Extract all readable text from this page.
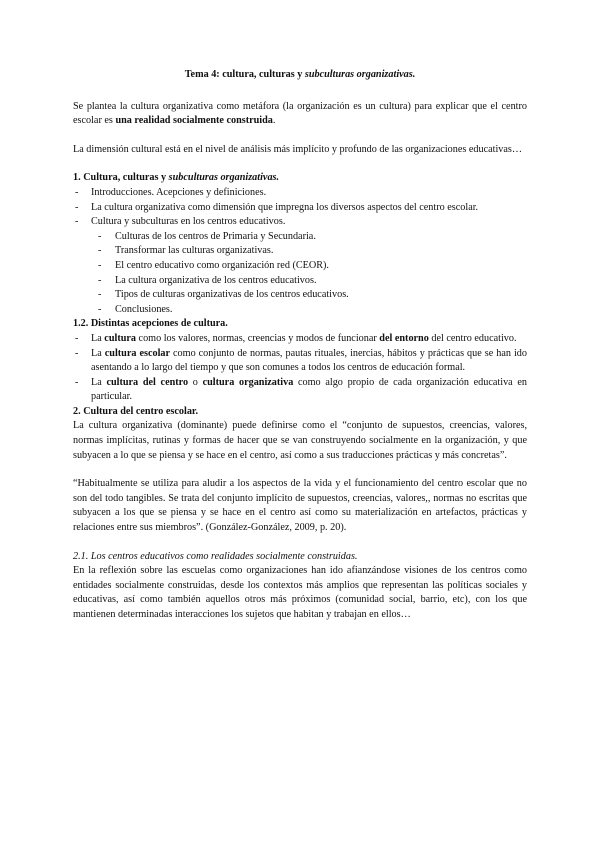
Tema 4: cultura, culturas y subculturas organizativas.

Se plantea la cultura organizativa como metáfora (la organización es un cultura) para explicar que el centro escolar es una realidad socialmente construida.

La dimensión cultural está en el nivel de análisis más implícito y profundo de las organizaciones educativas…

1. Cultura, culturas y subculturas organizativas.
- Introducciones. Acepciones y definiciones.
- La cultura organizativa como dimensión que impregna los diversos aspectos del centro escolar.
- Cultura y subculturas en los centros educativos.
- Culturas de los centros de Primaria y Secundaria.
- Transformar las culturas organizativas.
- El centro educativo como organización red (CEOR).
- La cultura organizativa de los centros educativos.
- Tipos de culturas organizativas de los centros educativos.
- Conclusiones.
1.2. Distintas acepciones de cultura.
- La cultura como los valores, normas, creencias y modos de funcionar del entorno del centro educativo.
- La cultura escolar como conjunto de normas, pautas rituales, inercias, hábitos y prácticas que se han ido asentando a lo largo del tiempo y que son comunes a todos los centros de educación formal.
- La cultura del centro o cultura organizativa como algo propio de cada organización educativa en particular.
2. Cultura del centro escolar.

La cultura organizativa (dominante) puede definirse como el “conjunto de supuestos, creencias, valores, normas implícitas, rutinas y formas de hacer que se van construyendo socialmente en la organización, y que subyacen a lo que se piensa y se hace en el centro, así como a sus traducciones prácticas y más concretas”.

“Habitualmente se utiliza para aludir a los aspectos de la vida y el funcionamiento del centro escolar que no son del todo tangibles. Se trata del conjunto implícito de supuestos, creencias, valores,, normas no escritas que subyacen a los que se piensa y se hace en el centro así como su materialización en artefactos, prácticas y relaciones entre sus miembros”. (González-González, 2009, p. 20).

2.1. Los centros educativos como realidades socialmente construidas.

En la reflexión sobre las escuelas como organizaciones han ido afianzándose visiones de los centros como entidades socialmente construidas, desde los contextos más amplios que representan las políticas sociales y educativas, así como también aquellos otros más próximos (comunidad social, barrio, etc), con los que mantienen determinadas interacciones los sujetos que habitan y trabajan en ellos…
